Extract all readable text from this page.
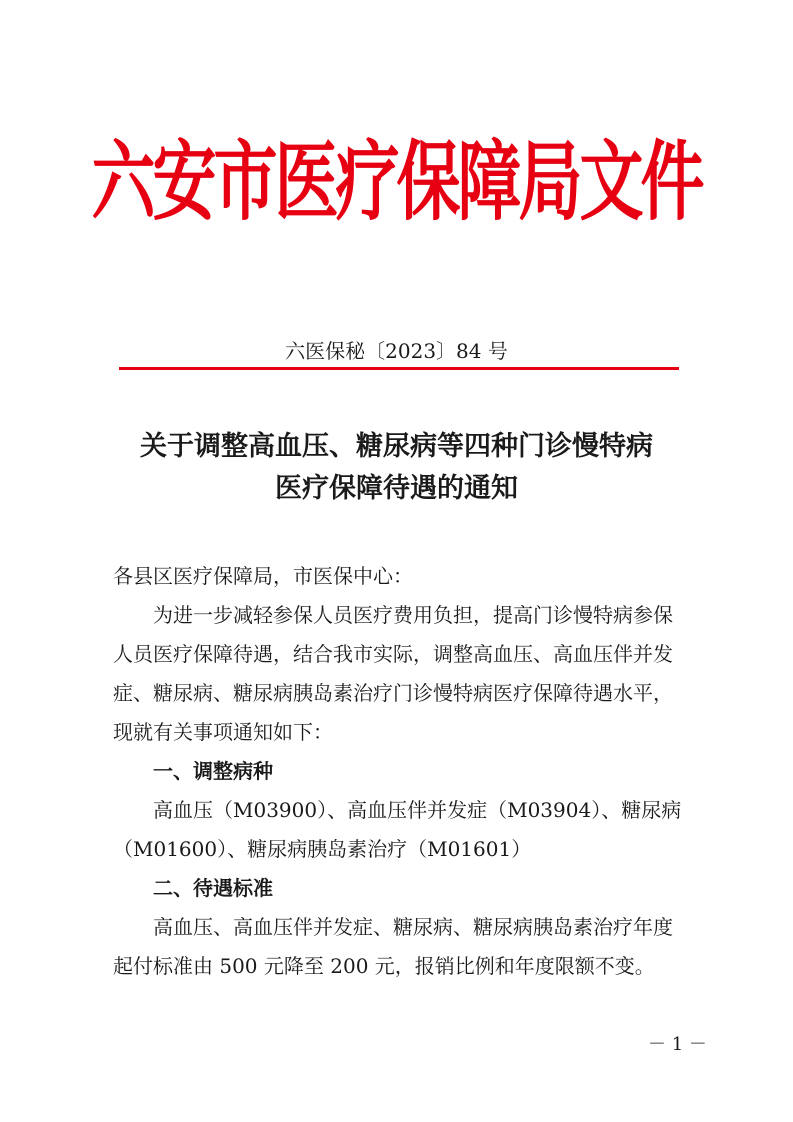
六安市医疗保障局文件
六医保秘〔2023〕84 号
关于调整高血压、糖尿病等四种门诊慢特病
医疗保障待遇的通知
各县区医疗保障局，市医保中心：
为进一步减轻参保人员医疗费用负担，提高门诊慢特病参保
人员医疗保障待遇，结合我市实际，调整高血压、高血压伴并发
症、糖尿病、糖尿病胰岛素治疗门诊慢特病医疗保障待遇水平，
现就有关事项通知如下：
一、调整病种
高血压（M03900）、高血压伴并发症（M03904）、糖尿病
（M01600）、糖尿病胰岛素治疗（M01601）
二、待遇标准
高血压、高血压伴并发症、糖尿病、糖尿病胰岛素治疗年度
起付标准由 500 元降至 200 元，报销比例和年度限额不变。
－ 1 －
